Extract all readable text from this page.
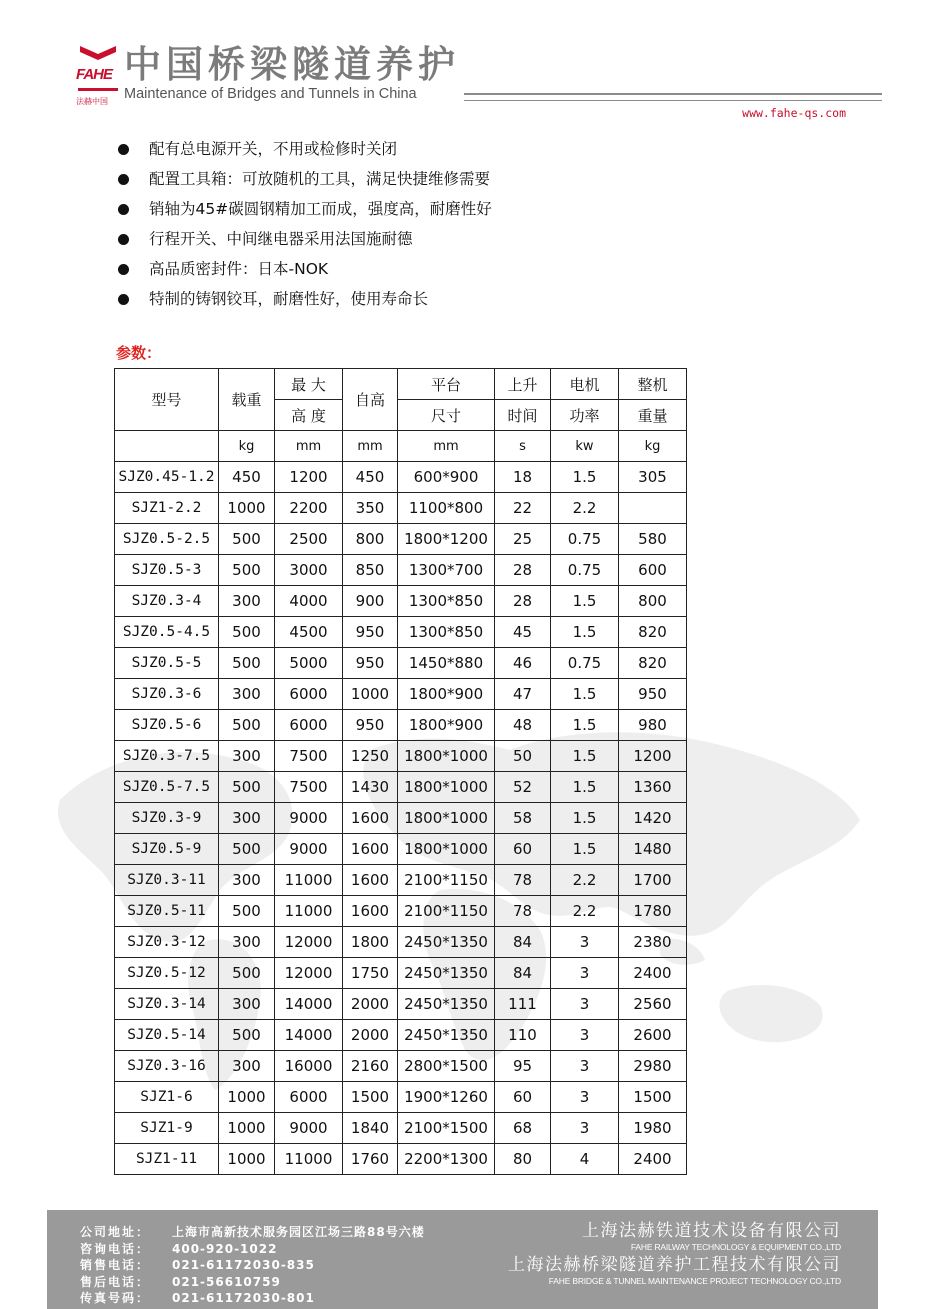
FAHE
法赫中国
中国桥梁隧道养护
Maintenance of Bridges and Tunnels in China
www.fahe-qs.com
配有总电源开关，不用或检修时关闭
配置工具箱：可放随机的工具，满足快捷维修需要
销轴为45#碳圆钢精加工而成，强度高，耐磨性好
行程开关、中间继电器采用法国施耐德
高品质密封件：日本-NOK
特制的铸钢铰耳，耐磨性好，使用寿命长
参数：
型号	载重	最 大	自高	平台	上升	电机	整机
		高 度		尺寸	时间	功率	重量
	kg	mm	mm	mm	s	kw	kg
SJZ0.45-1.2	450	1200	450	600*900	18	1.5	305
SJZ1-2.2	1000	2200	350	1100*800	22	2.2	
SJZ0.5-2.5	500	2500	800	1800*1200	25	0.75	580
SJZ0.5-3	500	3000	850	1300*700	28	0.75	600
SJZ0.3-4	300	4000	900	1300*850	28	1.5	800
SJZ0.5-4.5	500	4500	950	1300*850	45	1.5	820
SJZ0.5-5	500	5000	950	1450*880	46	0.75	820
SJZ0.3-6	300	6000	1000	1800*900	47	1.5	950
SJZ0.5-6	500	6000	950	1800*900	48	1.5	980
SJZ0.3-7.5	300	7500	1250	1800*1000	50	1.5	1200
SJZ0.5-7.5	500	7500	1430	1800*1000	52	1.5	1360
SJZ0.3-9	300	9000	1600	1800*1000	58	1.5	1420
SJZ0.5-9	500	9000	1600	1800*1000	60	1.5	1480
SJZ0.3-11	300	11000	1600	2100*1150	78	2.2	1700
SJZ0.5-11	500	11000	1600	2100*1150	78	2.2	1780
SJZ0.3-12	300	12000	1800	2450*1350	84	3	2380
SJZ0.5-12	500	12000	1750	2450*1350	84	3	2400
SJZ0.3-14	300	14000	2000	2450*1350	111	3	2560
SJZ0.5-14	500	14000	2000	2450*1350	110	3	2600
SJZ0.3-16	300	16000	2160	2800*1500	95	3	2980
SJZ1-6	1000	6000	1500	1900*1260	60	3	1500
SJZ1-9	1000	9000	1840	2100*1500	68	3	1980
SJZ1-11	1000	11000	1760	2200*1300	80	4	2400
公司地址： 上海市高新技术服务园区江场三路88号六楼
咨询电话： 400-920-1022
销售电话： 021-61172030-835
售后电话： 021-56610759
传真号码： 021-61172030-801
上海法赫铁道技术设备有限公司
FAHE RAILWAY TECHNOLOGY & EQUIPMENT CO.,LTD
上海法赫桥梁隧道养护工程技术有限公司
FAHE BRIDGE & TUNNEL MAINTENANCE PROJECT TECHNOLOGY CO.,LTD
